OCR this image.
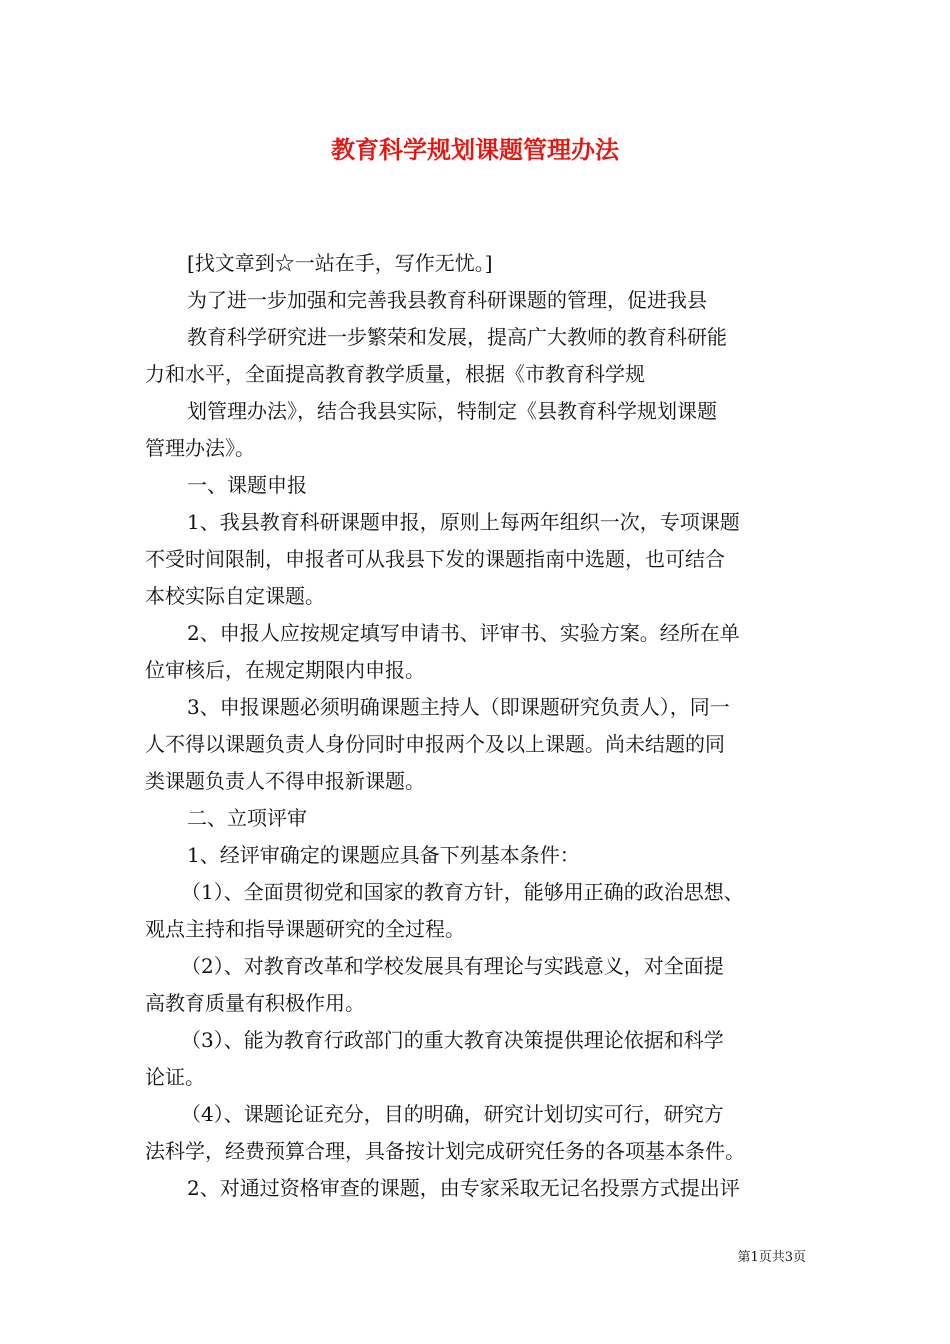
教育科学规划课题管理办法
[找文章到☆一站在手，写作无忧。]
为了进一步加强和完善我县教育科研课题的管理，促进我县
教育科学研究进一步繁荣和发展，提高广大教师的教育科研能
力和水平，全面提高教育教学质量，根据《市教育科学规
划管理办法》，结合我县实际，特制定《县教育科学规划课题
管理办法》。
一、课题申报
1、我县教育科研课题申报，原则上每两年组织一次，专项课题
不受时间限制，申报者可从我县下发的课题指南中选题，也可结合
本校实际自定课题。
2、申报人应按规定填写申请书、评审书、实验方案。经所在单
位审核后，在规定期限内申报。
3、申报课题必须明确课题主持人（即课题研究负责人），同一
人不得以课题负责人身份同时申报两个及以上课题。尚未结题的同
类课题负责人不得申报新课题。
二、立项评审
1、经评审确定的课题应具备下列基本条件：
（1）、全面贯彻党和国家的教育方针，能够用正确的政治思想、
观点主持和指导课题研究的全过程。
（2）、对教育改革和学校发展具有理论与实践意义，对全面提
高教育质量有积极作用。
（3）、能为教育行政部门的重大教育决策提供理论依据和科学
论证。
（4）、课题论证充分，目的明确，研究计划切实可行，研究方
法科学，经费预算合理，具备按计划完成研究任务的各项基本条件。
2、对通过资格审查的课题，由专家采取无记名投票方式提出评
第1页共3页
